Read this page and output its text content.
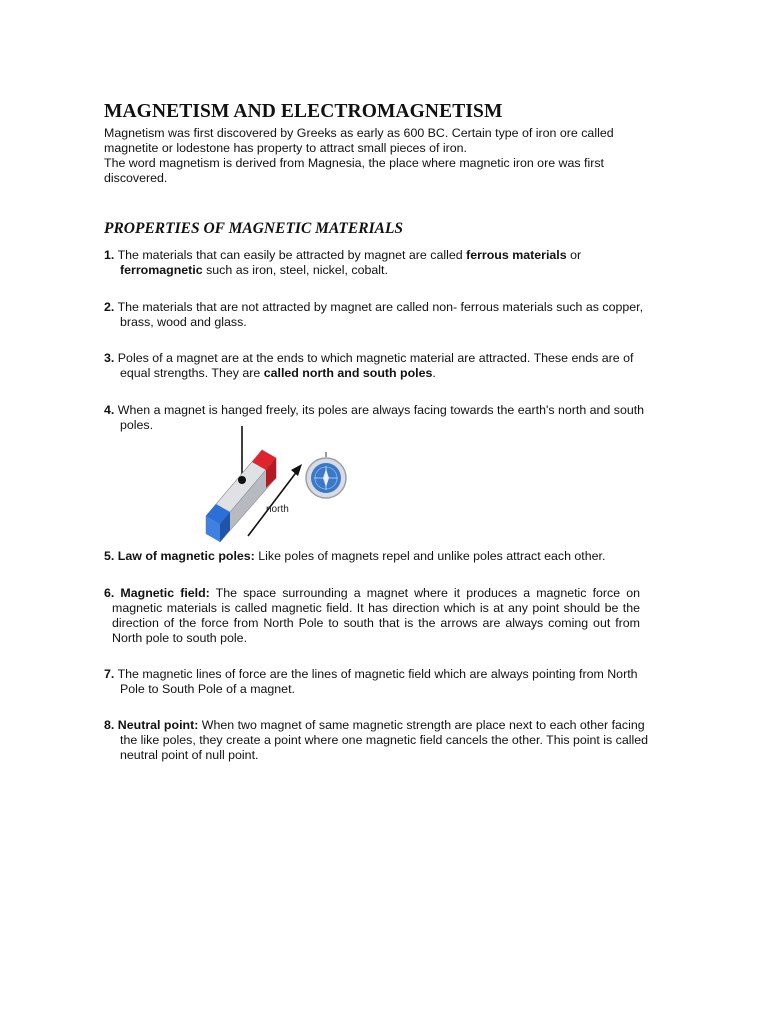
MAGNETISM AND ELECTROMAGNETISM

Magnetism was first discovered by Greeks as early as 600 BC. Certain type of iron ore called magnetite or lodestone has property to attract small pieces of iron.

The word magnetism is derived from Magnesia, the place where magnetic iron ore was first discovered.

PROPERTIES OF MAGNETIC MATERIALS

1. The materials that can easily be attracted by magnet are called ferrous materials or ferromagnetic such as iron, steel, nickel, cobalt.

2. The materials that are not attracted by magnet are called non- ferrous materials such as copper, brass, wood and glass.

3. Poles of a magnet are at the ends to which magnetic material are attracted. These ends are of equal strengths. They are called north and south poles.

4. When a magnet is hanged freely, its poles are always facing towards the earth's north and south poles.

north

5. Law of magnetic poles: Like poles of magnets repel and unlike poles attract each other.

6. Magnetic field: The space surrounding a magnet where it produces a magnetic force on magnetic materials is called magnetic field. It has direction which is at any point should be the direction of the force from North Pole to south that is the arrows are always coming out from North pole to south pole.

7. The magnetic lines of force are the lines of magnetic field which are always pointing from North Pole to South Pole of a magnet.

8. Neutral point: When two magnet of same magnetic strength are place next to each other facing the like poles, they create a point where one magnetic field cancels the other. This point is called neutral point of null point.
